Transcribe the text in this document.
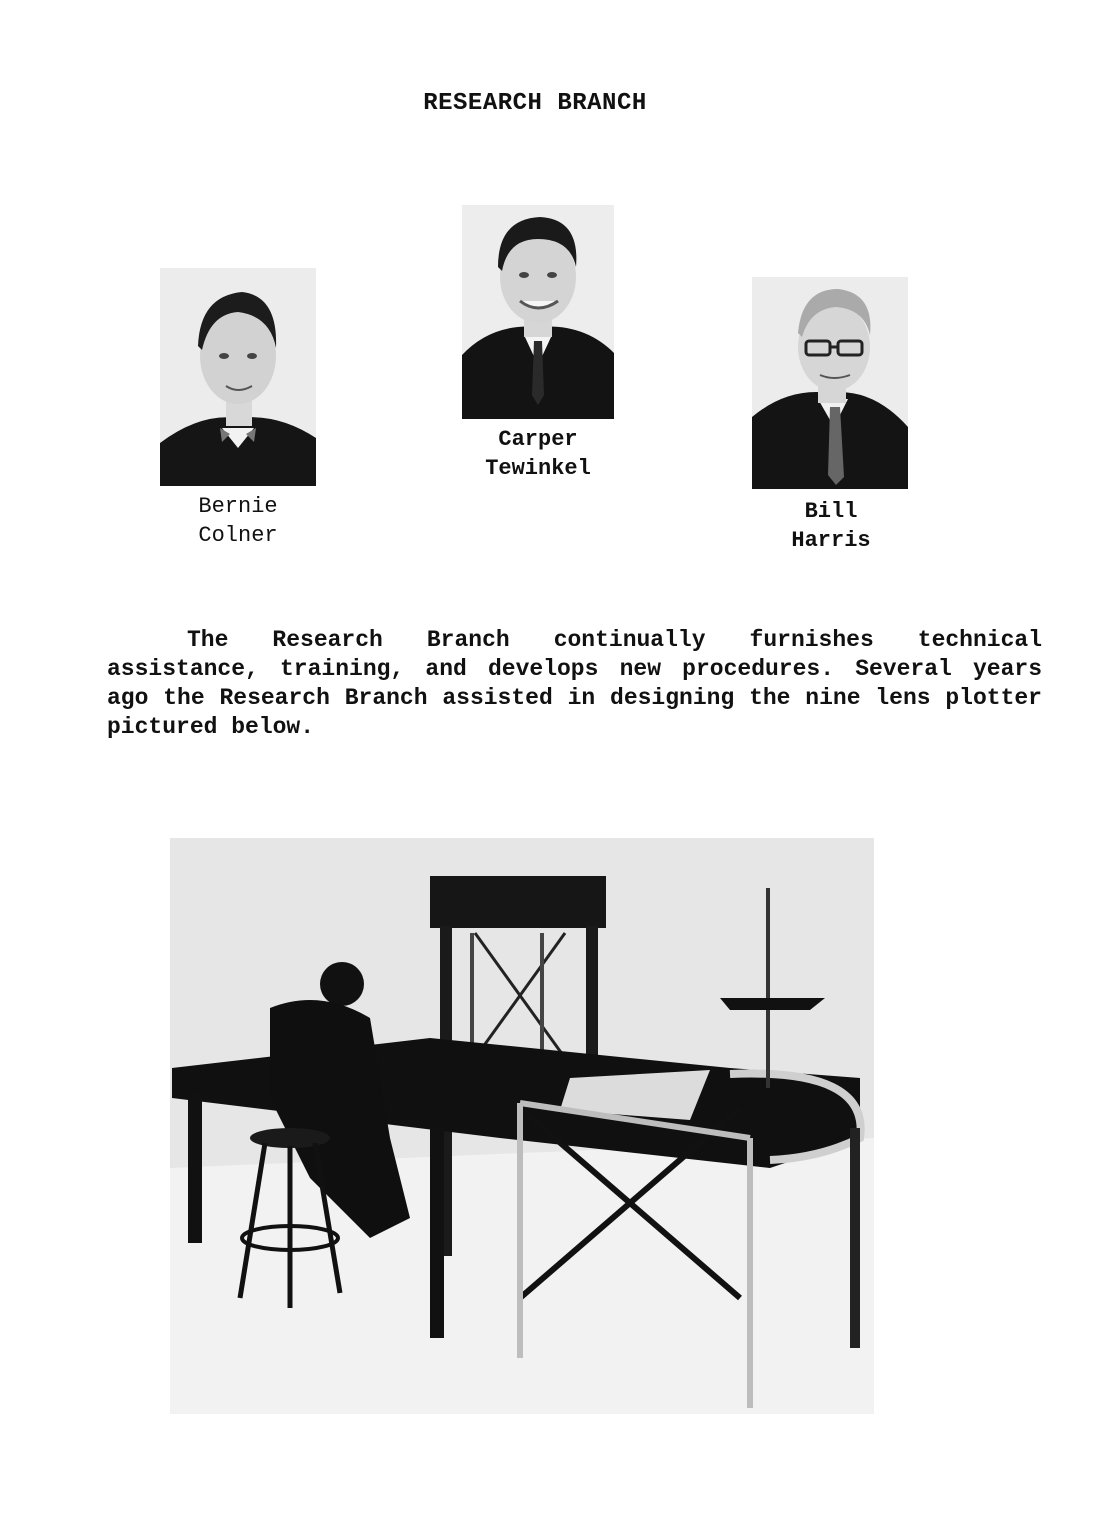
RESEARCH BRANCH
Bernie
Colner
Carper
Tewinkel
Bill
Harris
The Research Branch continually furnishes technical assistance, training, and develops new procedures. Several years ago the Research Branch assisted in designing the nine lens plotter pictured below.
